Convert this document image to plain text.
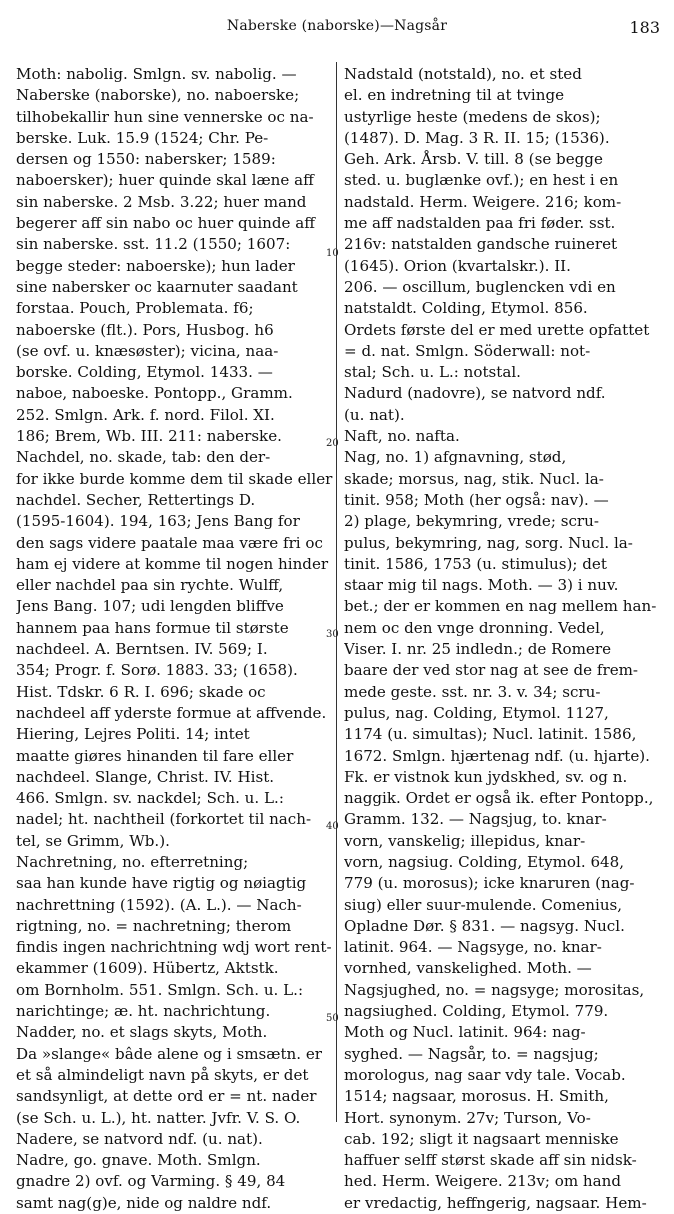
Naberske (naborske)—Nagsår	183
Moth: nabolig. Smlgn. sv. nabolig. —
Naberske (naborske), no. naboerske;
tilhobekallir hun sine vennerske oc na-
berske. Luk. 15.9 (1524; Chr. Pe-
dersen og 1550: nabersker; 1589:
naboersker); huer quinde skal læne aff
sin naberske. 2 Msb. 3.22; huer mand
begerer aff sin nabo oc huer quinde aff
sin naberske. sst. 11.2 (1550; 1607:
begge steder: naboerske); hun lader
sine nabersker oc kaarnuter saadant
forstaa. Pouch, Problemata. f6;
naboerske (flt.). Pors, Husbog. h6
(se ovf. u. knæsøster); vicina, naa-
borske. Colding, Etymol. 1433. —
naboe, naboeske. Pontopp., Gramm.
252. Smlgn. Ark. f. nord. Filol. XI.
186; Brem, Wb. III. 211: naberske.
Nachdel, no. skade, tab: den der-
for ikke burde komme dem til skade eller
nachdel. Secher, Rettertings D.
(1595-1604). 194, 163; Jens Bang for
den sags videre paatale maa være fri oc
ham ej videre at komme til nogen hinder
eller nachdel paa sin rychte. Wulff,
Jens Bang. 107; udi lengden bliffve
hannem paa hans formue til største
nachdeel. A. Berntsen. IV. 569; I.
354; Progr. f. Sorø. 1883. 33; (1658).
Hist. Tdskr. 6 R. I. 696; skade oc
nachdeel aff yderste formue at affvende.
Hiering, Lejres Politi. 14; intet
maatte giøres hinanden til fare eller
nachdeel. Slange, Christ. IV. Hist.
466. Smlgn. sv. nackdel; Sch. u. L.:
nadel; ht. nachtheil (forkortet til nach-
tel, se Grimm, Wb.).
Nachretning, no. efterretning;
saa han kunde have rigtig og nøiagtig
nachrettning (1592). (A. L.). — Nach-
rigtning, no. = nachretning; therom
findis ingen nachrichtning wdj wort rent-
ekammer (1609). Hübertz, Aktstk.
om Bornholm. 551. Smlgn. Sch. u. L.:
narichtinge; æ. ht. nachrichtung.
Nadder, no. et slags skyts, Moth.
Da »slange« bâde alene og i smsætn. er
et så almindeligt navn på skyts, er det
sandsynligt, at dette ord er = nt. nader
(se Sch. u. L.), ht. natter. Jvfr. V. S. O.
Nadere, se natvord ndf. (u. nat).
Nadre, go. gnave. Moth. Smlgn.
gnadre 2) ovf. og Varming. § 49, 84
samt nag(g)e, nide og naldre ndf.
Nadstald (notstald), no. et sted
el. en indretning til at tvinge
ustyrlige heste (medens de skos);
(1487). D. Mag. 3 R. II. 15; (1536).
Geh. Ark. Årsb. V. till. 8 (se begge
sted. u. buglænke ovf.); en hest i en
nadstald. Herm. Weigere. 216; kom-
me aff nadstalden paa fri føder. sst.
216v: natstalden gandsche ruineret
(1645). Orion (kvartalskr.). II.
206. — oscillum, buglencken vdi en
natstaldt. Colding, Etymol. 856.
Ordets første del er med urette opfattet
= d. nat. Smlgn. Söderwall: not-
stal; Sch. u. L.: notstal.
Nadurd (nadovre), se natvord ndf.
(u. nat).
Naft, no. nafta.
Nag, no. 1) afgnavning, stød,
skade; morsus, nag, stik. Nucl. la-
tinit. 958; Moth (her også: nav). —
2) plage, bekymring, vrede; scru-
pulus, bekymring, nag, sorg. Nucl. la-
tinit. 1586, 1753 (u. stimulus); det
staar mig til nags. Moth. — 3) i nuv.
bet.; der er kommen en nag mellem han-
nem oc den vnge dronning. Vedel,
Viser. I. nr. 25 indledn.; de Romere
baare der ved stor nag at see de frem-
mede geste. sst. nr. 3. v. 34; scru-
pulus, nag. Colding, Etymol. 1127,
1174 (u. simultas); Nucl. latinit. 1586,
1672. Smlgn. hjærtenag ndf. (u. hjarte).
Fk. er vistnok kun jydskhed, sv. og n.
naggik. Ordet er også ik. efter Pontopp.,
Gramm. 132. — Nagsjug, to. knar-
vorn, vanskelig; illepidus, knar-
vorn, nagsiug. Colding, Etymol. 648,
779 (u. morosus); icke knaruren (nag-
siug) eller suur-mulende. Comenius,
Opladne Dør. § 831. — nagsyg. Nucl.
latinit. 964. — Nagsyge, no. knar-
vornhed, vanskelighed. Moth. —
Nagsjughed, no. = nagsyge; morositas,
nagsiughed. Colding, Etymol. 779.
Moth og Nucl. latinit. 964: nag-
syghed. — Nagsår, to. = nagsjug;
morologus, nag saar vdy tale. Vocab.
1514; nagsaar, morosus. H. Smith,
Hort. synonym. 27v; Turson, Vo-
cab. 192; sligt it nagsaart menniske
haffuer selff størst skade aff sin nidsk-
hed. Herm. Weigere. 213v; om hand
er vredactig, heffngerig, nagsaar. Hem-
10
20
30
40
50
